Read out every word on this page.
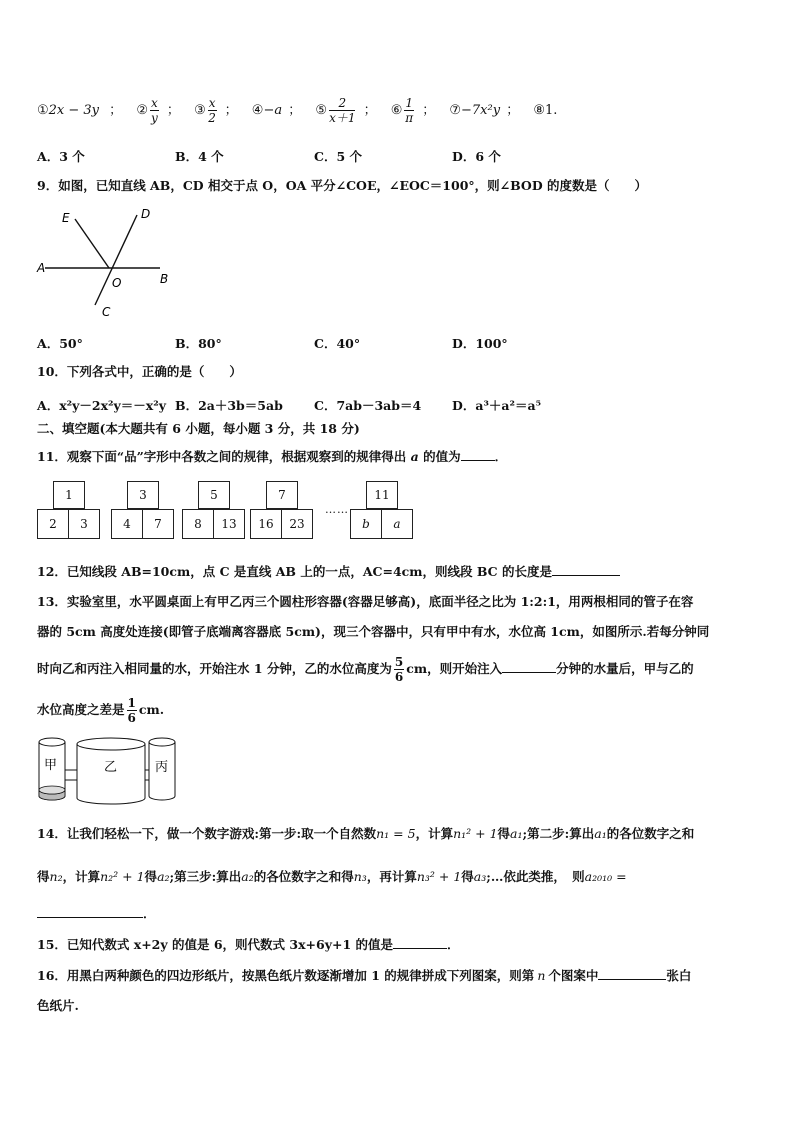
①2x − 3y ； ② $\frac{x}{y}$ ； ③ $\frac{x}{2}$ ； ④−a ； ⑤ $\frac{2}{x+1}$ ； ⑥ $\frac{1}{\pi}$ ； ⑦−7x²y ； ⑧1.
A．3 个	B．4 个	C．5 个	D．6 个
9．如图，已知直线 AB，CD 相交于点 O，OA 平分∠COE，∠EOC＝100°，则∠BOD 的度数是（　　）
E	D
A
O	B
C
A．50°	B．80°	C．40°	D．100°
10．下列各式中，正确的是（　　）
A．x²y－2x²y＝－x²y B．2a＋3b＝5ab C．7ab－3ab＝4 D．a³＋a²＝a⁵
二、填空题(本大题共有 6 小题，每小题 3 分，共 18 分)
11．观察下面“品”字形中各数之间的规律，根据观察到的规律得出 a 的值为	．
1
2	3
3
4	7
5
8	13
7
16	23
……
11
b	a
12．已知线段 AB=10cm，点 C 是直线 AB 上的一点，AC=4cm，则线段 BC 的长度是
13．实验室里，水平圆桌面上有甲乙丙三个圆柱形容器(容器足够高)，底面半径之比为 1:2:1，用两根相同的管子在容
器的 5cm 高度处连接(即管子底端离容器底 5cm)，现三个容器中，只有甲中有水，水位高 1cm，如图所示.若每分钟同
时向乙和丙注入相同量的水，开始注水 1 分钟，乙的水位高度为 $\frac{5}{6}$ cm，则开始注入	分钟的水量后，甲与乙的
水位高度之差是 $\frac{1}{6}$ cm.
甲	乙	丙
14．让我们轻松一下，做一个数字游戏:第一步:取一个自然数n₁ = 5，计算n₁² + 1得a₁;第二步:算出a₁的各位数字之和
得n₂，计算n₂² + 1得a₂;第三步:算出a₂的各位数字之和得n₃，再计算n₃² + 1得a₃;…依此类推，　则a₂₀₁₀ =
．
15．已知代数式 x+2y 的值是 6，则代数式 3x+6y+1 的值是	．
16．用黑白两种颜色的四边形纸片，按黑色纸片数逐渐增加 1 的规律拼成下列图案，则第 n 个图案中	张白
色纸片.
